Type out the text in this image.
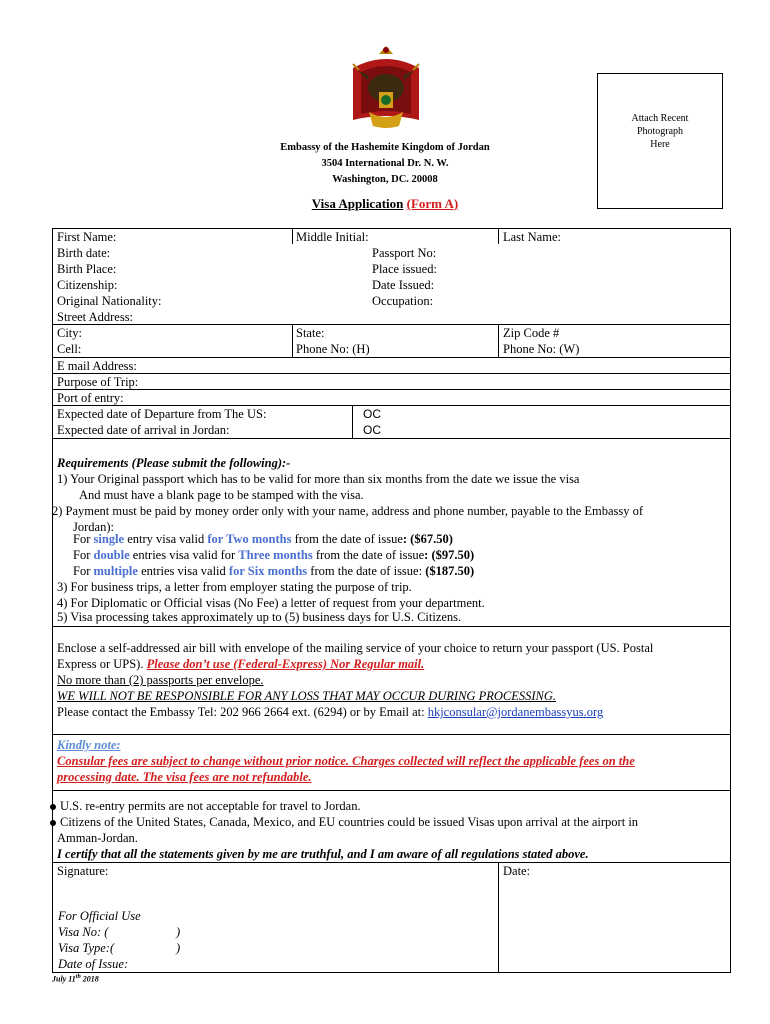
Attach Recent
Photograph
Here
Embassy of the Hashemite Kingdom of Jordan
3504 International Dr. N. W.
Washington, DC. 20008
Visa Application (Form A)
First Name:	Middle Initial:	Last Name:
Birth date:	Passport No:
Birth Place:	Place issued:
Citizenship:	Date Issued:
Original Nationality:	Occupation:
Street Address:
City:	State:	Zip Code #
Cell:	Phone No: (H)	Phone No: (W)
E mail Address:
Purpose of Trip:
Port of entry:
Expected date of Departure from The US:	OC
Expected date of arrival in Jordan:	OC
Requirements (Please submit the following):-
1) Your Original passport which has to be valid for more than six months from the date we issue the visa
And must have a blank page to be stamped with the visa.
2) Payment must be paid by money order only with your name, address and phone number, payable to the Embassy of
Jordan):
For single entry visa valid for Two months from the date of issue: ($67.50)
For double entries visa valid for Three months from the date of issue: ($97.50)
For multiple entries visa valid for Six months from the date of issue: ($187.50)
3) For business trips, a letter from employer stating the purpose of trip.
4) For Diplomatic or Official visas (No Fee) a letter of request from your department.
5) Visa processing takes approximately up to (5) business days for U.S. Citizens.
Enclose a self-addressed air bill with envelope of the mailing service of your choice to return your passport (US. Postal
Express or UPS). Please don’t use (Federal-Express) Nor Regular mail.
No more than (2) passports per envelope.
WE WILL NOT BE RESPONSIBLE FOR ANY LOSS THAT MAY OCCUR DURING PROCESSING.
Please contact the Embassy Tel: 202 966 2664 ext. (6294) or by Email at: hkjconsular@jordanembassyus.org
Kindly note:
Consular fees are subject to change without prior notice. Charges collected will reflect the applicable fees on the
processing date. The visa fees are not refundable.
U.S. re-entry permits are not acceptable for travel to Jordan.
Citizens of the United States, Canada, Mexico, and EU countries could be issued Visas upon arrival at the airport in
Amman-Jordan.
I certify that all the statements given by me are truthful, and I am aware of all regulations stated above.
Signature:	Date:
For Official Use
Visa No: (	)
Visa Type:(	)
Date of Issue:
July 11th 2018
